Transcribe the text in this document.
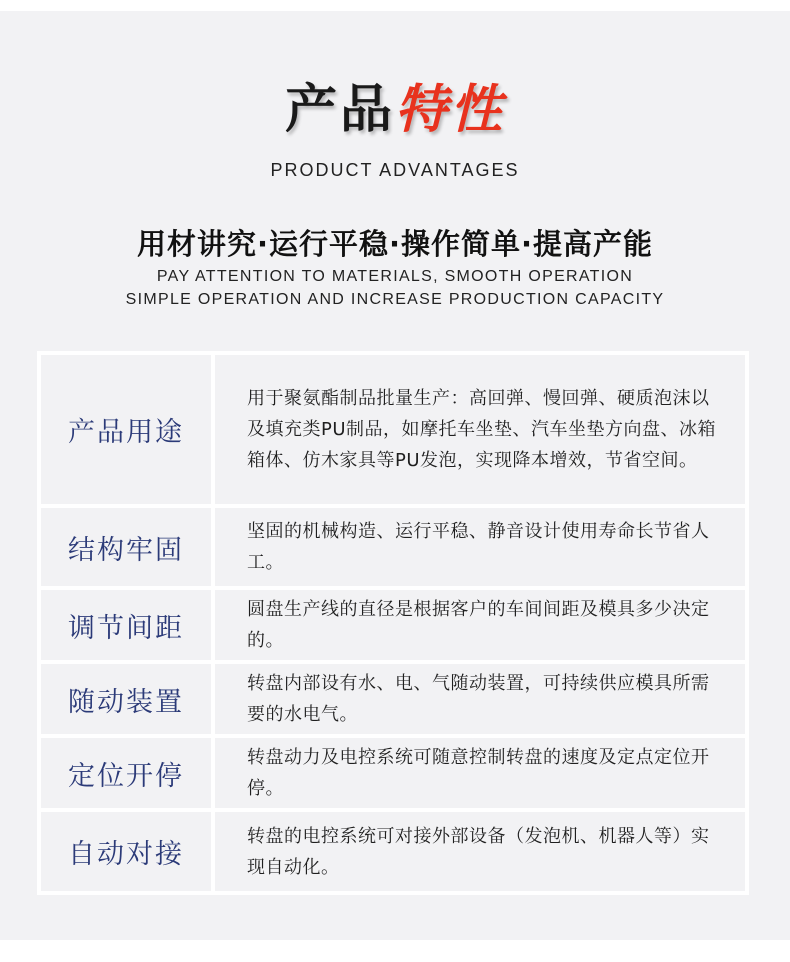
产品特性
PRODUCT ADVANTAGES
用材讲究·运行平稳·操作简单·提高产能
PAY ATTENTION TO MATERIALS, SMOOTH OPERATION
SIMPLE OPERATION AND INCREASE PRODUCTION CAPACITY
产品用途
用于聚氨酯制品批量生产：高回弹、慢回弹、硬质泡沫以及填充类PU制品，如摩托车坐垫、汽车坐垫方向盘、冰箱箱体、仿木家具等PU发泡，实现降本增效，节省空间。
结构牢固
坚固的机械构造、运行平稳、静音设计使用寿命长节省人工。
调节间距
圆盘生产线的直径是根据客户的车间间距及模具多少决定的。
随动装置
转盘内部设有水、电、气随动装置，可持续供应模具所需要的水电气。
定位开停
转盘动力及电控系统可随意控制转盘的速度及定点定位开停。
自动对接
转盘的电控系统可对接外部设备（发泡机、机器人等）实现自动化。
